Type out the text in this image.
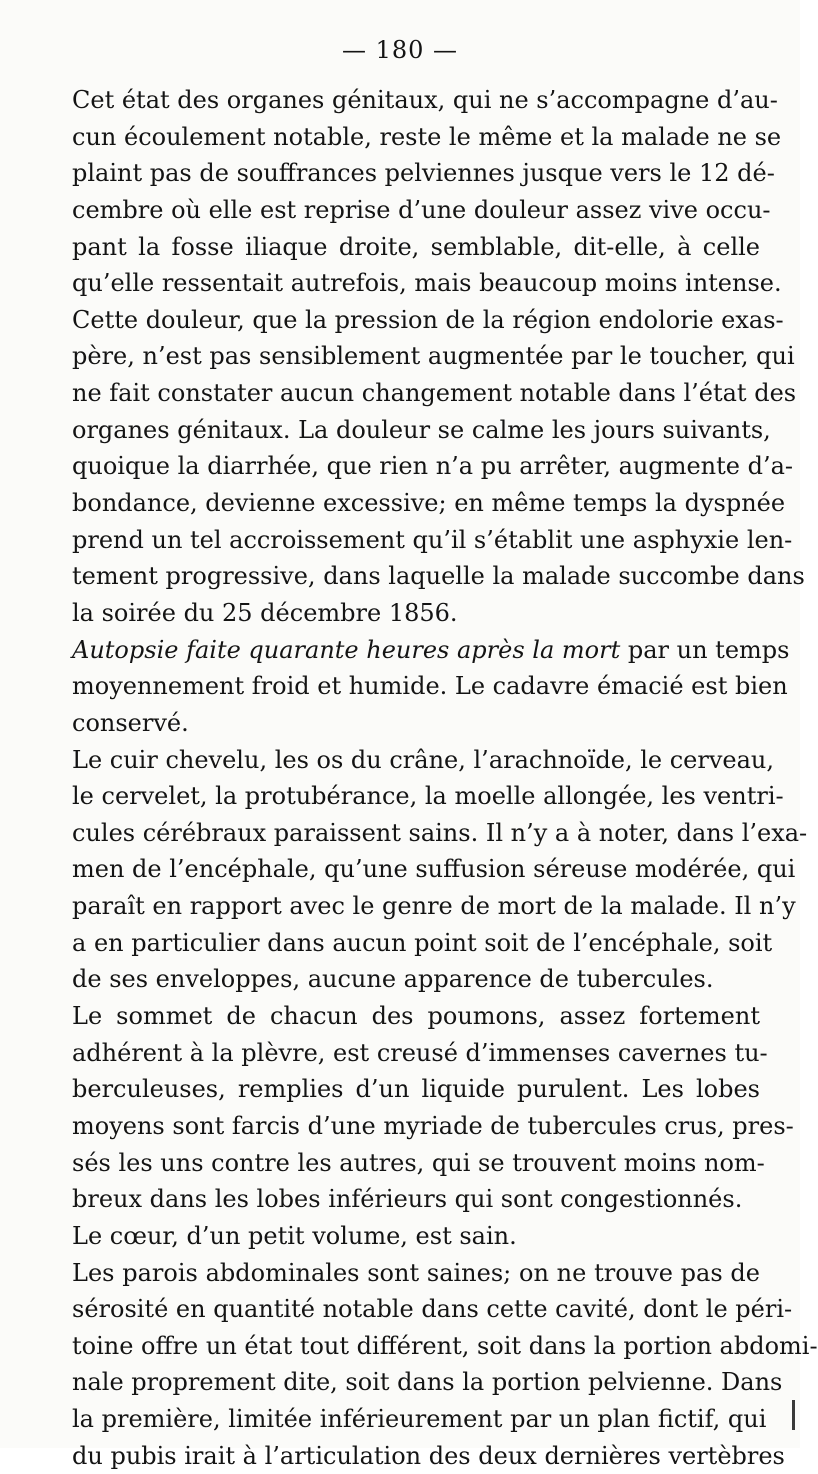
— 180 —
Cet état des organes génitaux, qui ne s’accompagne d’au-
cun écoulement notable, reste le même et la malade ne se
plaint pas de souffrances pelviennes jusque vers le 12 dé-
cembre où elle est reprise d’une douleur assez vive occu-
pant la fosse iliaque droite, semblable, dit-elle, à celle
qu’elle ressentait autrefois, mais beaucoup moins intense.
Cette douleur, que la pression de la région endolorie exas-
père, n’est pas sensiblement augmentée par le toucher, qui
ne fait constater aucun changement notable dans l’état des
organes génitaux. La douleur se calme les jours suivants,
quoique la diarrhée, que rien n’a pu arrêter, augmente d’a-
bondance, devienne excessive; en même temps la dyspnée
prend un tel accroissement qu’il s’établit une asphyxie len-
tement progressive, dans laquelle la malade succombe dans
la soirée du 25 décembre 1856.
Autopsie faite quarante heures après la mort par un temps
moyennement froid et humide. Le cadavre émacié est bien
conservé.
Le cuir chevelu, les os du crâne, l’arachnoïde, le cerveau,
le cervelet, la protubérance, la moelle allongée, les ventri-
cules cérébraux paraissent sains. Il n’y a à noter, dans l’exa-
men de l’encéphale, qu’une suffusion séreuse modérée, qui
paraît en rapport avec le genre de mort de la malade. Il n’y
a en particulier dans aucun point soit de l’encéphale, soit
de ses enveloppes, aucune apparence de tubercules.
Le sommet de chacun des poumons, assez fortement
adhérent à la plèvre, est creusé d’immenses cavernes tu-
berculeuses, remplies d’un liquide purulent. Les lobes
moyens sont farcis d’une myriade de tubercules crus, pres-
sés les uns contre les autres, qui se trouvent moins nom-
breux dans les lobes inférieurs qui sont congestionnés.
Le cœur, d’un petit volume, est sain.
Les parois abdominales sont saines; on ne trouve pas de
sérosité en quantité notable dans cette cavité, dont le péri-
toine offre un état tout différent, soit dans la portion abdomi-
nale proprement dite, soit dans la portion pelvienne. Dans
la première, limitée inférieurement par un plan fictif, qui
du pubis irait à l’articulation des deux dernières vertèbres
